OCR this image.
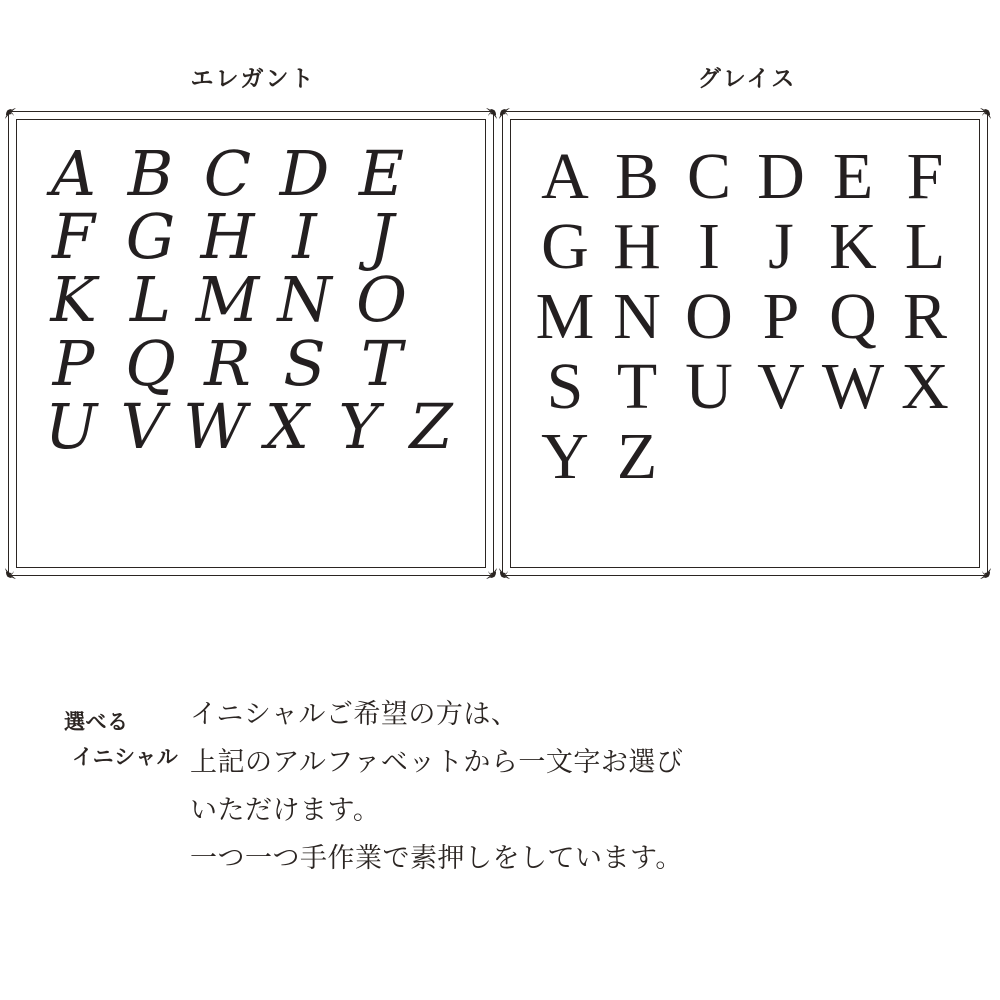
エレガント
A B C D E
F G H I J
K L M N O
P Q R S T
U V W X Y Z
グレイス
A B C D E F
G H I J K L
M N O P Q R
S T U V W X
Y Z
選べる
イニシャル
イニシャルご希望の方は、
上記のアルファベットから一文字お選び
いただけます。
一つ一つ手作業で素押しをしています。
